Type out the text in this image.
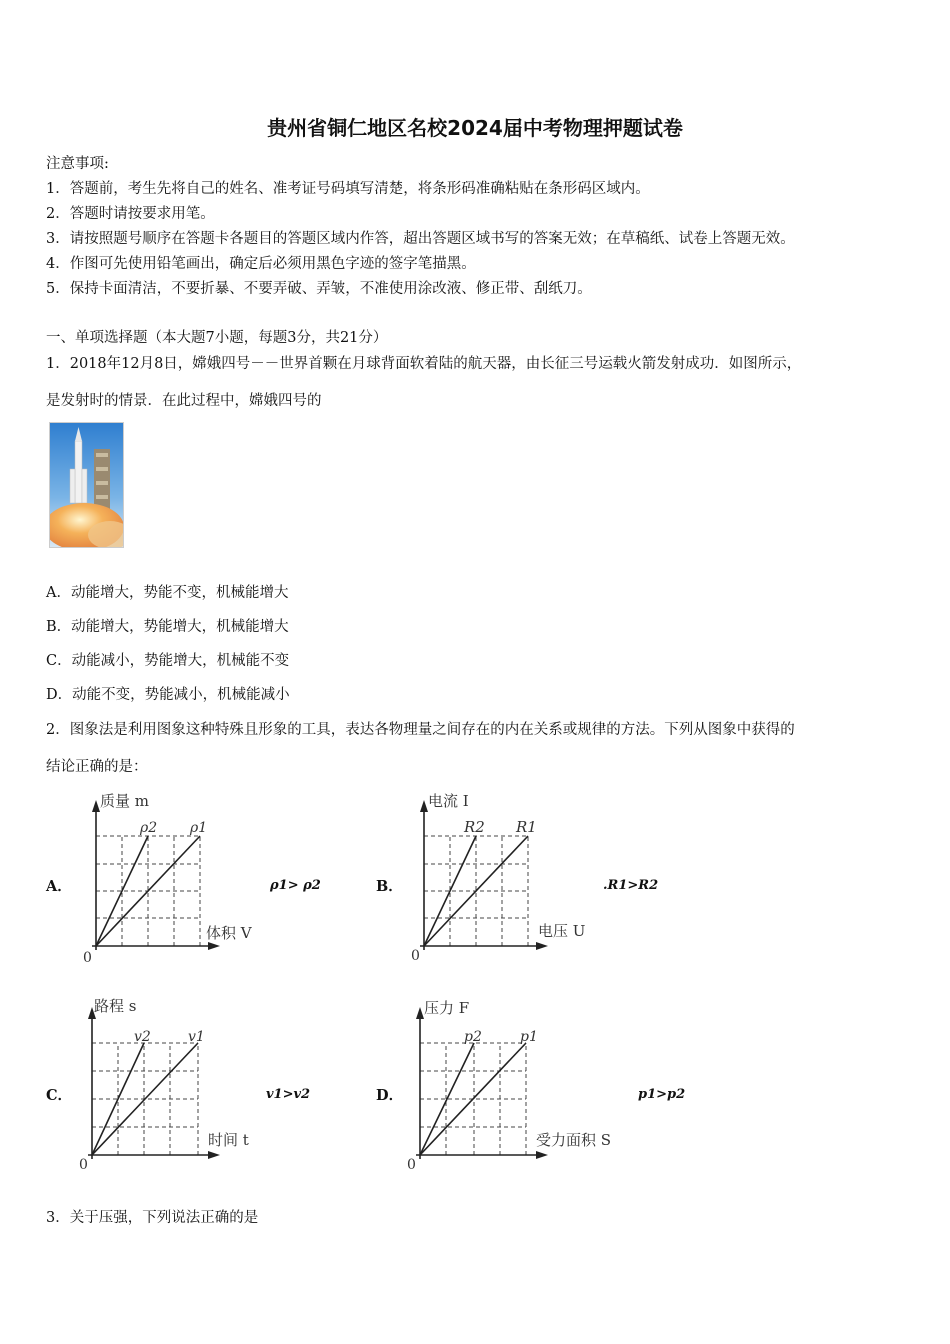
贵州省铜仁地区名校2024届中考物理押题试卷
注意事项:
1．答题前，考生先将自己的姓名、准考证号码填写清楚，将条形码准确粘贴在条形码区域内。
2．答题时请按要求用笔。
3．请按照题号顺序在答题卡各题目的答题区域内作答，超出答题区域书写的答案无效；在草稿纸、试卷上答题无效。
4．作图可先使用铅笔画出，确定后必须用黑色字迹的签字笔描黑。
5．保持卡面清洁，不要折暴、不要弄破、弄皱，不准使用涂改液、修正带、刮纸刀。
一、单项选择题（本大题7小题，每题3分，共21分）
1．2018年12月8日，嫦娥四号－－世界首颗在月球背面软着陆的航天器，由长征三号运载火箭发射成功．如图所示，
是发射时的情景．在此过程中，嫦娥四号的
A．动能增大，势能不变，机械能增大
B．动能增大，势能增大，机械能增大
C．动能减小，势能增大，机械能不变
D．动能不变，势能减小，机械能减小
2．图象法是利用图象这种特殊且形象的工具，表达各物理量之间存在的内在关系或规律的方法。下列从图象中获得的
结论正确的是：
A．
质量 m
体积 V
ρ2 ρ1
0
ρ1> ρ2	B．
电流 I
电压 U
R2 R1
0
.R1>R2
C．
路程 s
时间 t
v2	v1
0
v1>v2	D．
压力 F
受力面积 S
p2	p1
0
p1>p2
3．关于压强，下列说法正确的是
